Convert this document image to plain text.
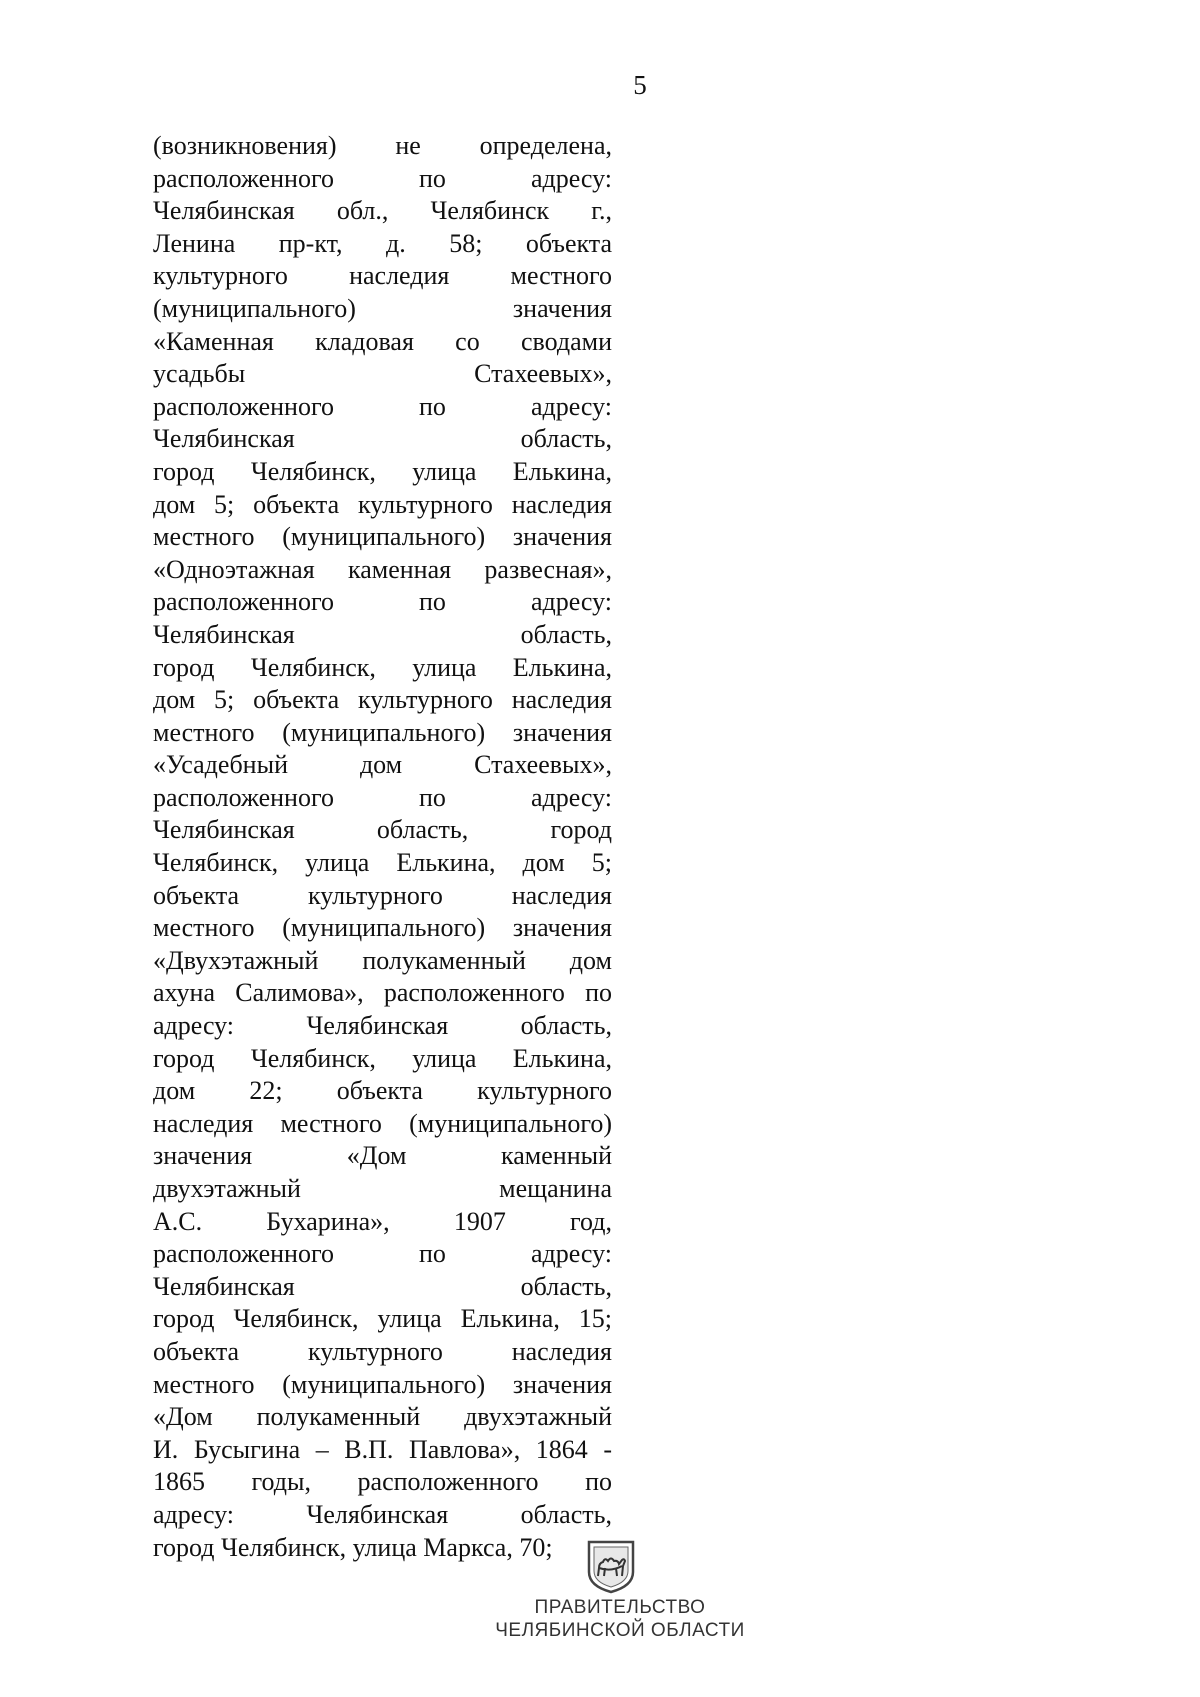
5
(возникновения) не определена,
расположенного по адресу:
Челябинская обл., Челябинск г.,
Ленина пр-кт, д. 58; объекта
культурного наследия местного
(муниципального) значения
«Каменная кладовая со сводами
усадьбы Стахеевых»,
расположенного по адресу:
Челябинская область,
город Челябинск, улица Елькина,
дом 5; объекта культурного наследия
местного (муниципального) значения
«Одноэтажная каменная развесная»,
расположенного по адресу:
Челябинская область,
город Челябинск, улица Елькина,
дом 5; объекта культурного наследия
местного (муниципального) значения
«Усадебный дом Стахеевых»,
расположенного по адресу:
Челябинская область, город
Челябинск, улица Елькина, дом 5;
объекта культурного наследия
местного (муниципального) значения
«Двухэтажный полукаменный дом
ахуна Салимова», расположенного по
адресу: Челябинская область,
город Челябинск, улица Елькина,
дом 22; объекта культурного
наследия местного (муниципального)
значения «Дом каменный
двухэтажный мещанина
А.С. Бухарина», 1907 год,
расположенного по адресу:
Челябинская область,
город Челябинск, улица Елькина, 15;
объекта культурного наследия
местного (муниципального) значения
«Дом полукаменный двухэтажный
И. Бусыгина – В.П. Павлова», 1864 -
1865 годы, расположенного по
адресу: Челябинская область,
город Челябинск, улица Маркса, 70;
ПРАВИТЕЛЬСТВО
ЧЕЛЯБИНСКОЙ ОБЛАСТИ
